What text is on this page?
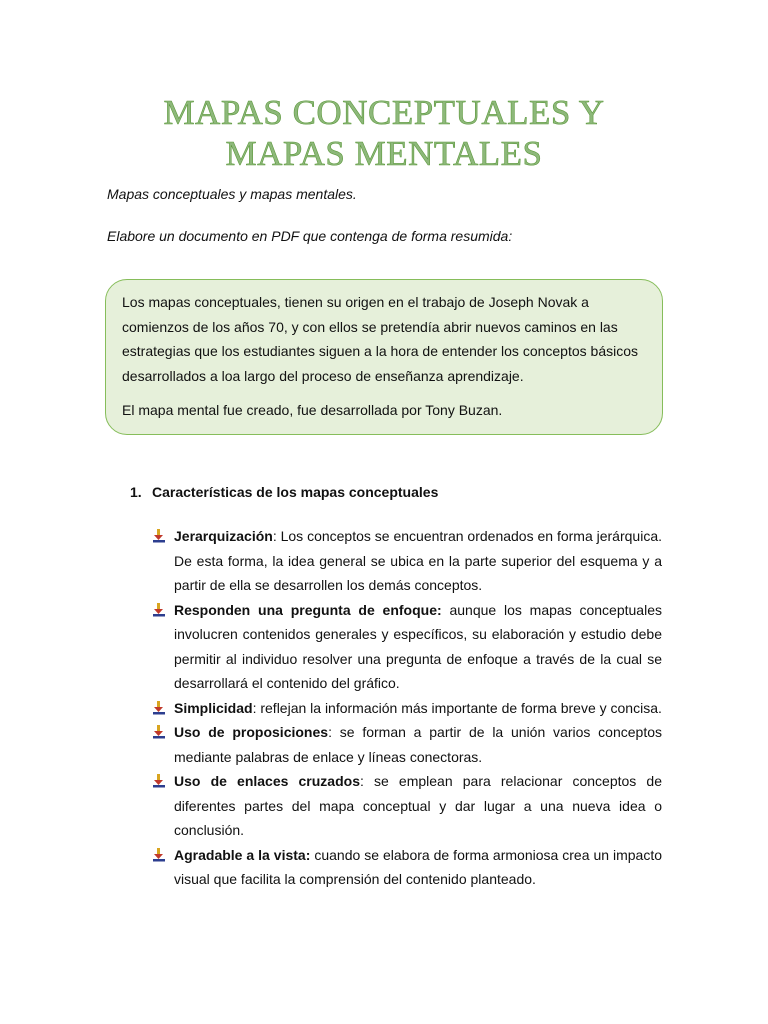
MAPAS CONCEPTUALES Y MAPAS MENTALES
Mapas conceptuales y mapas mentales.
Elabore un documento en PDF que contenga de forma resumida:

Los mapas conceptuales, tienen su origen en el trabajo de Joseph Novak a comienzos de los años 70, y con ellos se pretendía abrir nuevos caminos en las estrategias que los estudiantes siguen a la hora de entender los conceptos básicos desarrollados a loa largo del proceso de enseñanza aprendizaje.

El mapa mental fue creado, fue desarrollada por Tony Buzan.

1. Características de los mapas conceptuales
Jerarquización: Los conceptos se encuentran ordenados en forma jerárquica. De esta forma, la idea general se ubica en la parte superior del esquema y a partir de ella se desarrollen los demás conceptos.
Responden una pregunta de enfoque: aunque los mapas conceptuales involucren contenidos generales y específicos, su elaboración y estudio debe permitir al individuo resolver una pregunta de enfoque a través de la cual se desarrollará el contenido del gráfico.
Simplicidad: reflejan la información más importante de forma breve y concisa.
Uso de proposiciones: se forman a partir de la unión varios conceptos mediante palabras de enlace y líneas conectoras.
Uso de enlaces cruzados: se emplean para relacionar conceptos de diferentes partes del mapa conceptual y dar lugar a una nueva idea o conclusión.
Agradable a la vista: cuando se elabora de forma armoniosa crea un impacto visual que facilita la comprensión del contenido planteado.
